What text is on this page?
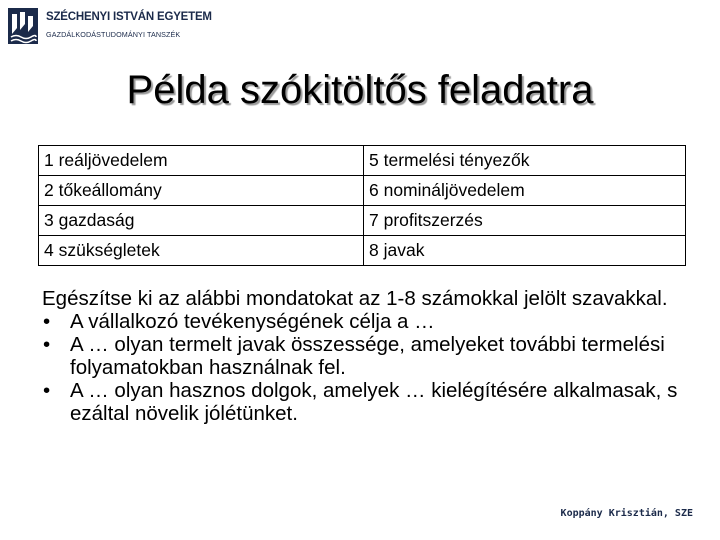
SZÉCHENYI ISTVÁN EGYETEM
GAZDÁLKODÁSTUDOMÁNYI TANSZÉK
Példa szókitöltős feladatra
1 reáljövedelem	5 termelési tényezők
2 tőkeállomány	6 nomináljövedelem
3 gazdaság	7 profitszerzés
4 szükségletek	8 javak

Egészítse ki az alábbi mondatokat az 1-8 számokkal jelölt szavakkal.

• A vállalkozó tevékenységének célja a …
• A … olyan termelt javak összessége, amelyeket további termelési folyamatokban használnak fel.
• A … olyan hasznos dolgok, amelyek … kielégítésére alkalmasak, s ezáltal növelik jólétünket.
Koppány Krisztián, SZE
